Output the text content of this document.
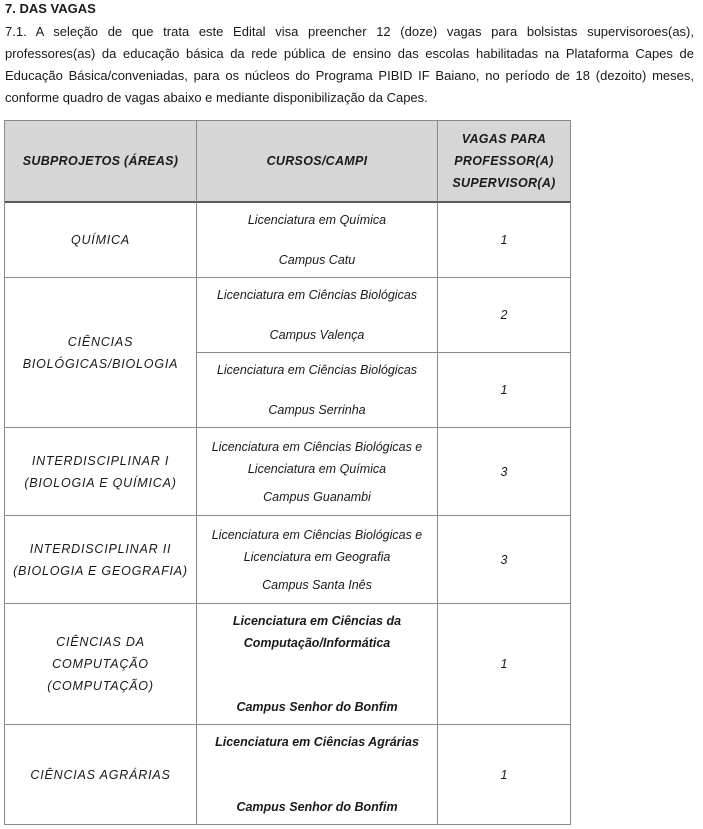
7. DAS VAGAS

7.1. A seleção de que trata este Edital visa preencher 12 (doze) vagas para bolsistas supervisoroes(as), professores(as) da educação básica da rede pública de ensino das escolas habilitadas na Plataforma Capes de Educação Básica/conveniadas, para os núcleos do Programa PIBID IF Baiano, no período de 18 (dezoito) meses, conforme quadro de vagas abaixo e mediante disponibilização da Capes.

SUBPROJETOS (ÁREAS)	CURSOS/CAMPI
VAGAS PARA
PROFESSOR(A)
SUPERVISOR(A)
QUÍMICA
Licenciatura em Química
Campus Catu
1
CIÊNCIAS
BIOLÓGICAS/BIOLOGIA
Licenciatura em Ciências Biológicas
Campus Valença
2
Licenciatura em Ciências Biológicas
Campus Serrinha
1
INTERDISCIPLINAR I
(BIOLOGIA E QUÍMICA)
Licenciatura em Ciências Biológicas e
Licenciatura em Química
Campus Guanambi
3
INTERDISCIPLINAR II
(BIOLOGIA E GEOGRAFIA)
Licenciatura em Ciências Biológicas e
Licenciatura em Geografia
Campus Santa Inês
3
CIÊNCIAS DA COMPUTAÇÃO
(COMPUTAÇÃO)
Licenciatura em Ciências da
Computação/Informática
Campus Senhor do Bonfim
1
CIÊNCIAS AGRÁRIAS
Licenciatura em Ciências Agrárias
Campus Senhor do Bonfim
1
